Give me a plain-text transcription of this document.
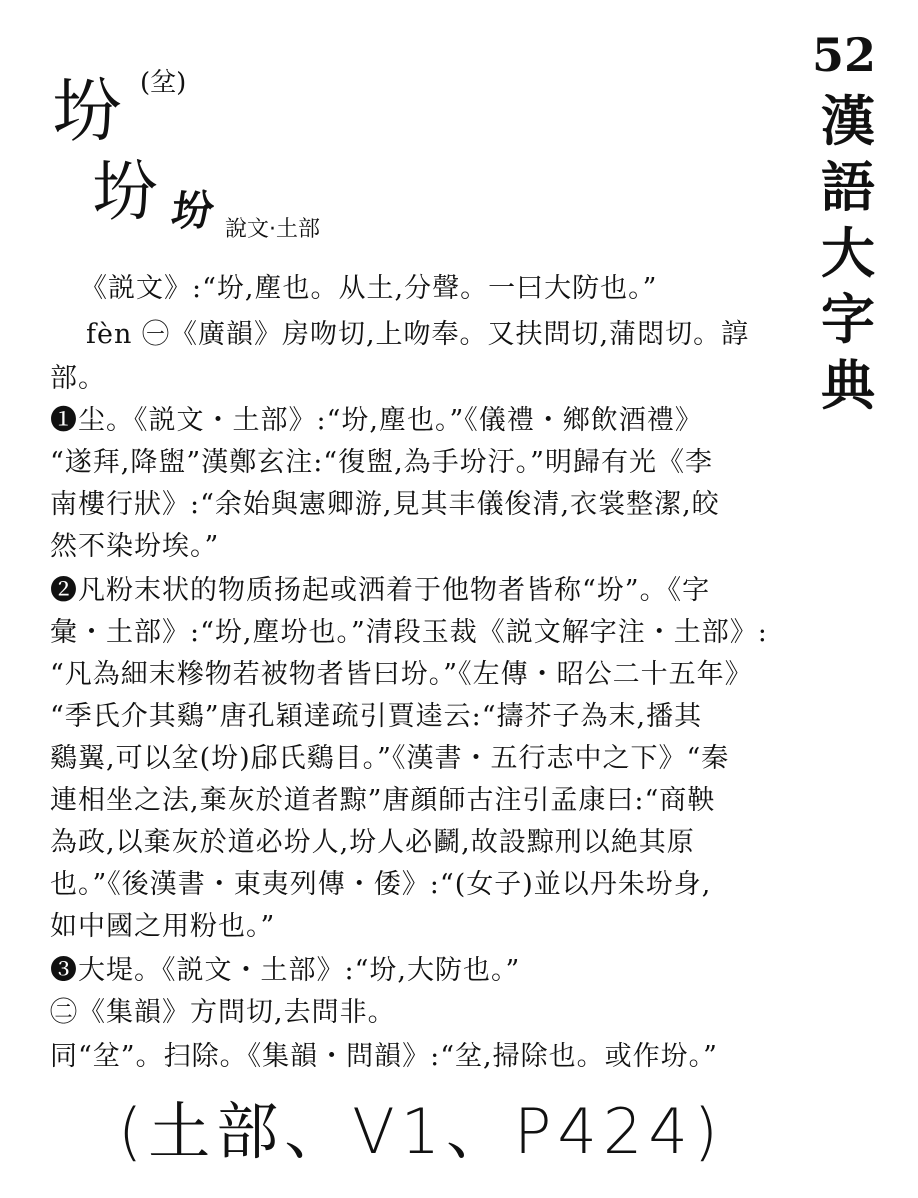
52
漢
語
大
字
典
坋 (坌)
坋 坋 說文·土部
《説文》:“坋,塵也。从土,分聲。一曰大防也。”
fèn ㊀《廣韻》房吻切,上吻奉。又扶問切,蒲悶切。諄
部。
❶尘。《説文・土部》:“坋,塵也。”《儀禮・鄉飲酒禮》
“遂拜,降盥”漢鄭玄注:“復盥,為手坋汙。”明歸有光《李
南樓行狀》:“余始與憲卿游,見其丰儀俊清,衣裳整潔,皎
然不染坋埃。”
❷凡粉末状的物质扬起或洒着于他物者皆称“坋”。《字
彙・土部》:“坋,塵坋也。”清段玉裁《説文解字注・土部》:
“凡為細末糝物若被物者皆曰坋。”《左傳・昭公二十五年》
“季氏介其鷄”唐孔穎達疏引賈逵云:“擣芥子為末,播其
鷄翼,可以坌(坋)郈氏鷄目。”《漢書・五行志中之下》“秦
連相坐之法,棄灰於道者黥”唐顔師古注引孟康曰:“商鞅
為政,以棄灰於道必坋人,坋人必鬬,故設黥刑以絶其原
也。”《後漢書・東夷列傳・倭》:“(女子)並以丹朱坋身,
如中國之用粉也。”
❸大堤。《説文・土部》:“坋,大防也。”
㊁《集韻》方問切,去問非。
同“坌”。扫除。《集韻・問韻》:“坌,掃除也。或作坋。”
(土部、V1、P424)
